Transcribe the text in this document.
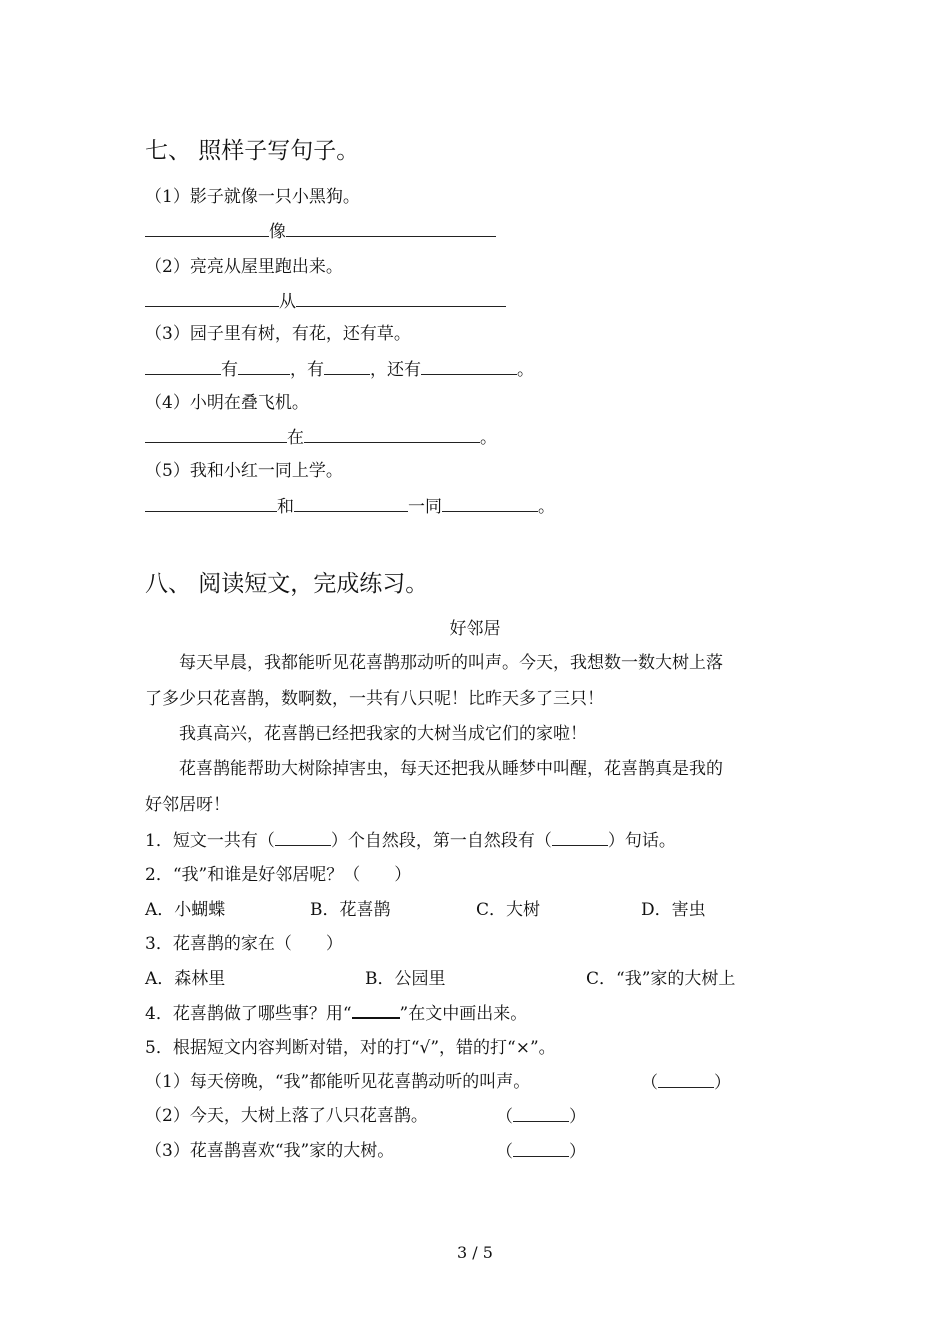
七、 照样子写句子。
（1）影子就像一只小黑狗。
像
（2）亮亮从屋里跑出来。
从
（3）园子里有树，有花，还有草。
有	，有	，还有	。
（4）小明在叠飞机。
在	。
（5）我和小红一同上学。
和	一同	。
八、 阅读短文，完成练习。
好邻居
每天早晨，我都能听见花喜鹊那动听的叫声。今天，我想数一数大树上落
了多少只花喜鹊，数啊数，一共有八只呢！比昨天多了三只！
我真高兴，花喜鹊已经把我家的大树当成它们的家啦！
花喜鹊能帮助大树除掉害虫，每天还把我从睡梦中叫醒，花喜鹊真是我的
好邻居呀！
1．短文一共有（	）个自然段，第一自然段有（	）句话。
2．“我”和谁是好邻居呢？（　　）
A．小蝴蝶	B．花喜鹊	C．大树	D．害虫
3．花喜鹊的家在（　　）
A．森林里	B．公园里	C．“我”家的大树上
4．花喜鹊做了哪些事？用“	”在文中画出来。
5．根据短文内容判断对错，对的打“√”，错的打“×”。
（1）每天傍晚，“我”都能听见花喜鹊动听的叫声。	（	）
（2）今天，大树上落了八只花喜鹊。	（	）
（3）花喜鹊喜欢“我”家的大树。	（	）
3 / 5
